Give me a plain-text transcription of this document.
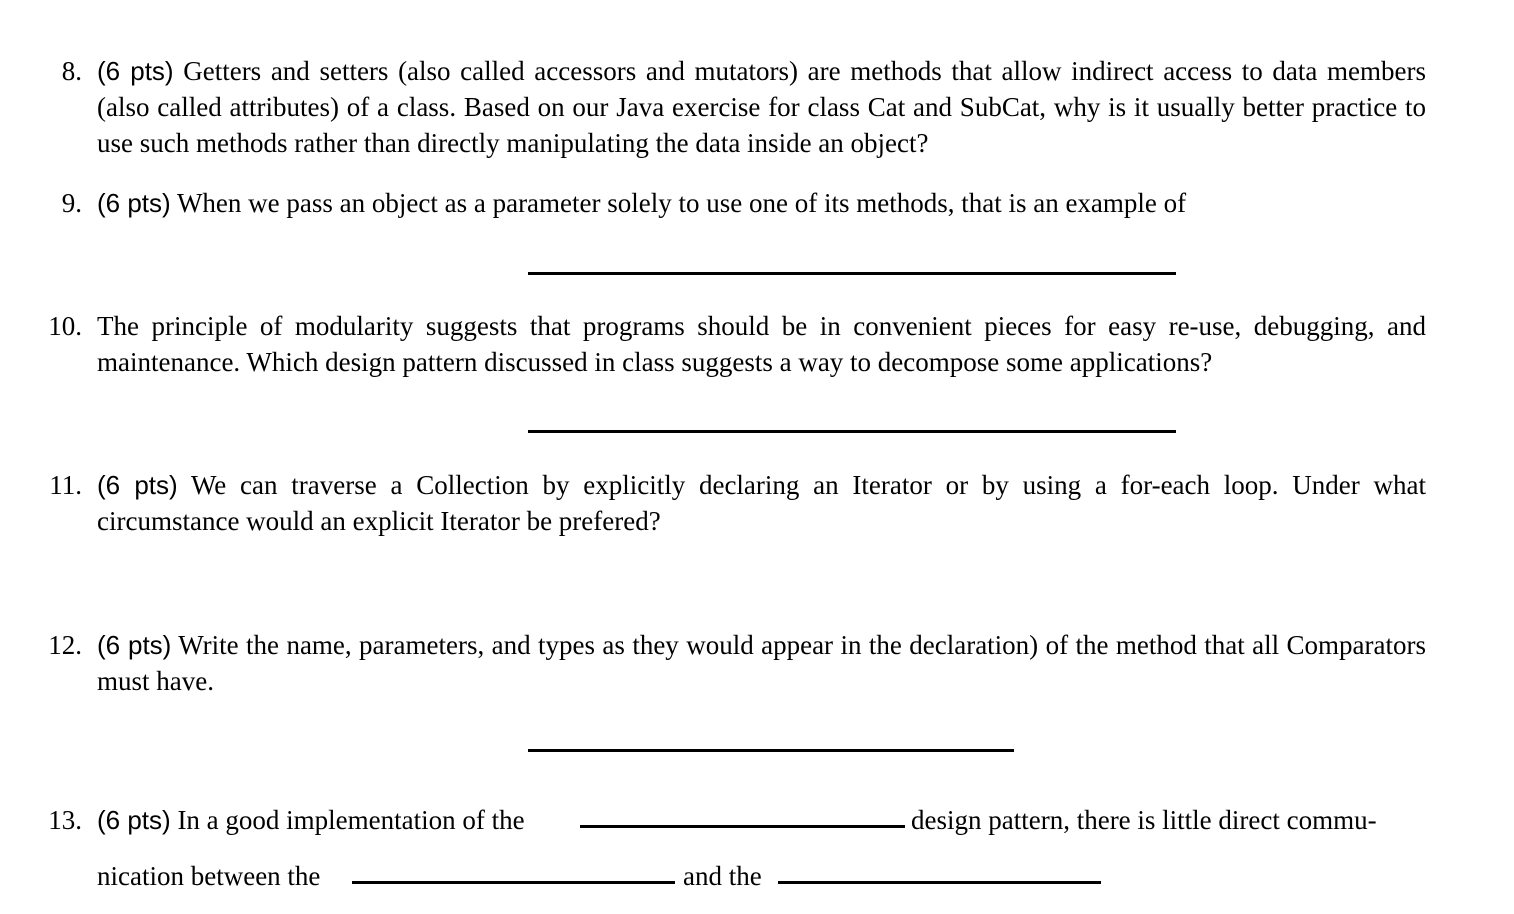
8. (6 pts) Getters and setters (also called accessors and mutators) are methods that allow indirect access to data members (also called attributes) of a class. Based on our Java exercise for class Cat and SubCat, why is it usually better practice to use such methods rather than directly manipulating the data inside an object?
9. (6 pts) When we pass an object as a parameter solely to use one of its methods, that is an example of
10. The principle of modularity suggests that programs should be in convenient pieces for easy re-use, debugging, and maintenance. Which design pattern discussed in class suggests a way to decompose some applications?
11. (6 pts) We can traverse a Collection by explicitly declaring an Iterator or by using a for-each loop. Under what circumstance would an explicit Iterator be prefered?
12. (6 pts) Write the name, parameters, and types as they would appear in the declaration) of the method that all Comparators must have.
13. (6 pts) In a good implementation of the	design pattern, there is little direct commu-
nication between the	and the
